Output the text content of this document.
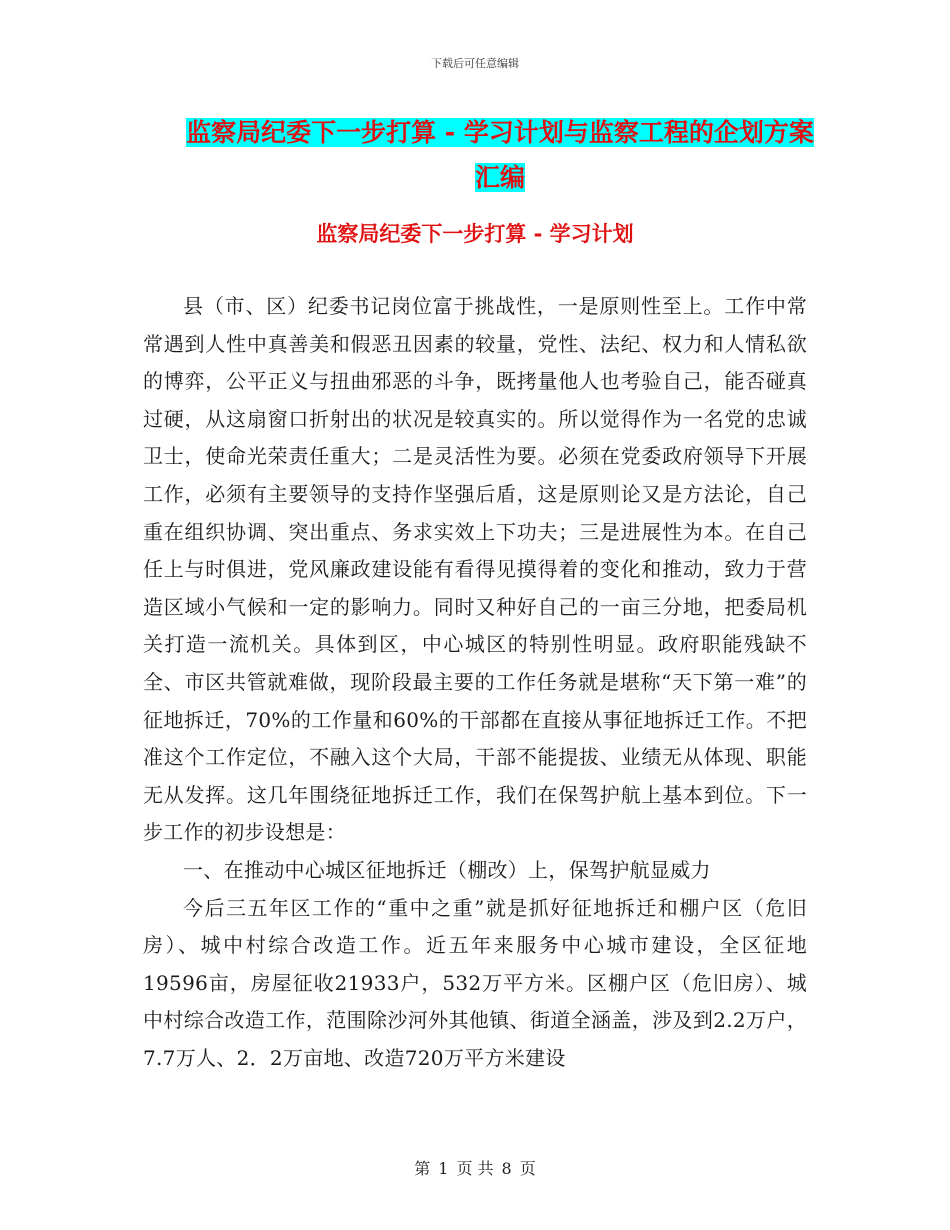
下载后可任意编辑
监察局纪委下一步打算 - 学习计划与监察工程的企划方案汇编
监察局纪委下一步打算 - 学习计划

县（市、区）纪委书记岗位富于挑战性，一是原则性至上。工作中常常遇到人性中真善美和假恶丑因素的较量，党性、法纪、权力和人情私欲的博弈，公平正义与扭曲邪恶的斗争，既拷量他人也考验自己，能否碰真过硬，从这扇窗口折射出的状况是较真实的。所以觉得作为一名党的忠诚卫士，使命光荣责任重大；二是灵活性为要。必须在党委政府领导下开展工作，必须有主要领导的支持作坚强后盾，这是原则论又是方法论，自己重在组织协调、突出重点、务求实效上下功夫；三是进展性为本。在自己任上与时俱进，党风廉政建设能有看得见摸得着的变化和推动，致力于营造区域小气候和一定的影响力。同时又种好自己的一亩三分地，把委局机关打造一流机关。具体到区，中心城区的特别性明显。政府职能残缺不全、市区共管就难做，现阶段最主要的工作任务就是堪称“天下第一难”的征地拆迁，70%的工作量和60%的干部都在直接从事征地拆迁工作。不把准这个工作定位，不融入这个大局，干部不能提拔、业绩无从体现、职能无从发挥。这几年围绕征地拆迁工作，我们在保驾护航上基本到位。下一步工作的初步设想是：

一、在推动中心城区征地拆迁（棚改）上，保驾护航显威力

今后三五年区工作的“重中之重”就是抓好征地拆迁和棚户区（危旧房）、城中村综合改造工作。近五年来服务中心城市建设，全区征地19596亩，房屋征收21933户，532万平方米。区棚户区（危旧房）、城中村综合改造工作，范围除沙河外其他镇、街道全涵盖，涉及到2.2万户，7.7万人、2．2万亩地、改造720万平方米建设

第 1 页 共 8 页
